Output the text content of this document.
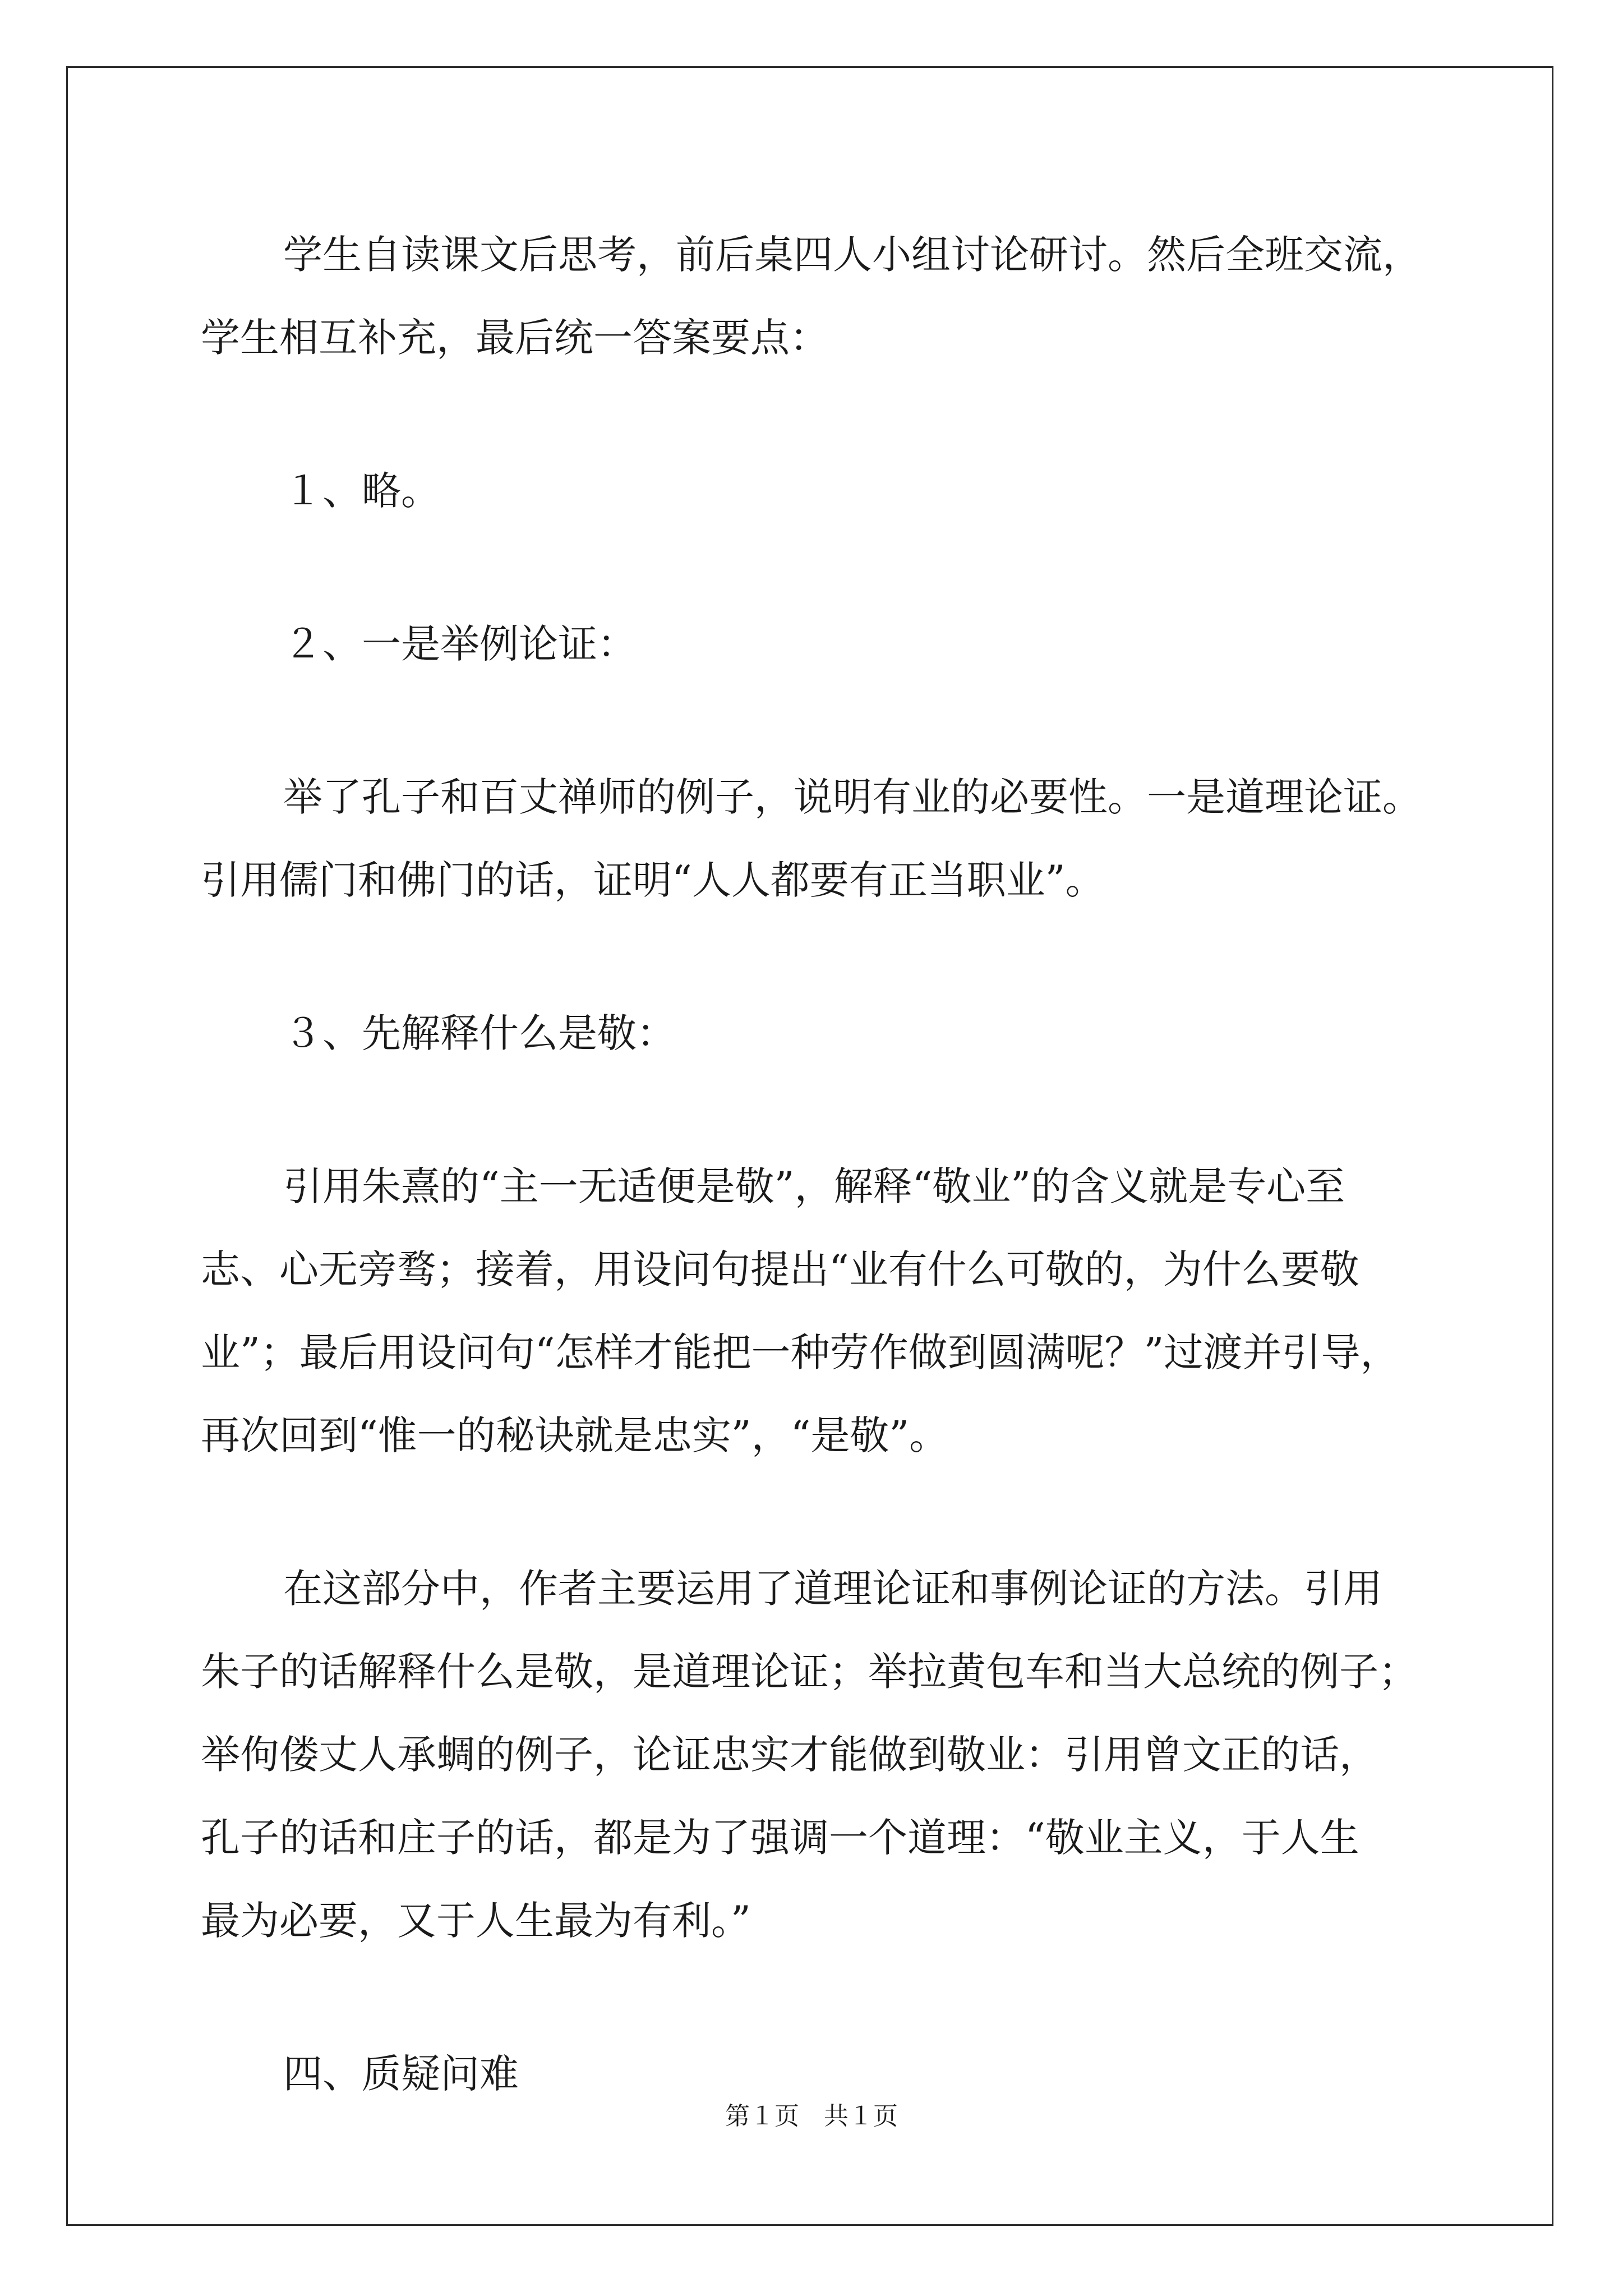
学生自读课文后思考，前后桌四人小组讨论研讨。然后全班交流，
学生相互补充，最后统一答案要点：
１、略。
２、一是举例论证：
举了孔子和百丈禅师的例子，说明有业的必要性。一是道理论证。
引用儒门和佛门的话，证明“人人都要有正当职业”。
３、先解释什么是敬：
引用朱熹的“主一无适便是敬”，解释“敬业”的含义就是专心至
志、心无旁骛；接着，用设问句提出“业有什么可敬的，为什么要敬
业”；最后用设问句“怎样才能把一种劳作做到圆满呢？”过渡并引导，
再次回到“惟一的秘诀就是忠实”，“是敬”。
在这部分中，作者主要运用了道理论证和事例论证的方法。引用
朱子的话解释什么是敬，是道理论证；举拉黄包车和当大总统的例子；
举佝偻丈人承蜩的例子，论证忠实才能做到敬业：引用曾文正的话，
孔子的话和庄子的话，都是为了强调一个道理：“敬业主义，于人生
最为必要，又于人生最为有利。”
四、质疑问难
第１页　共１页
